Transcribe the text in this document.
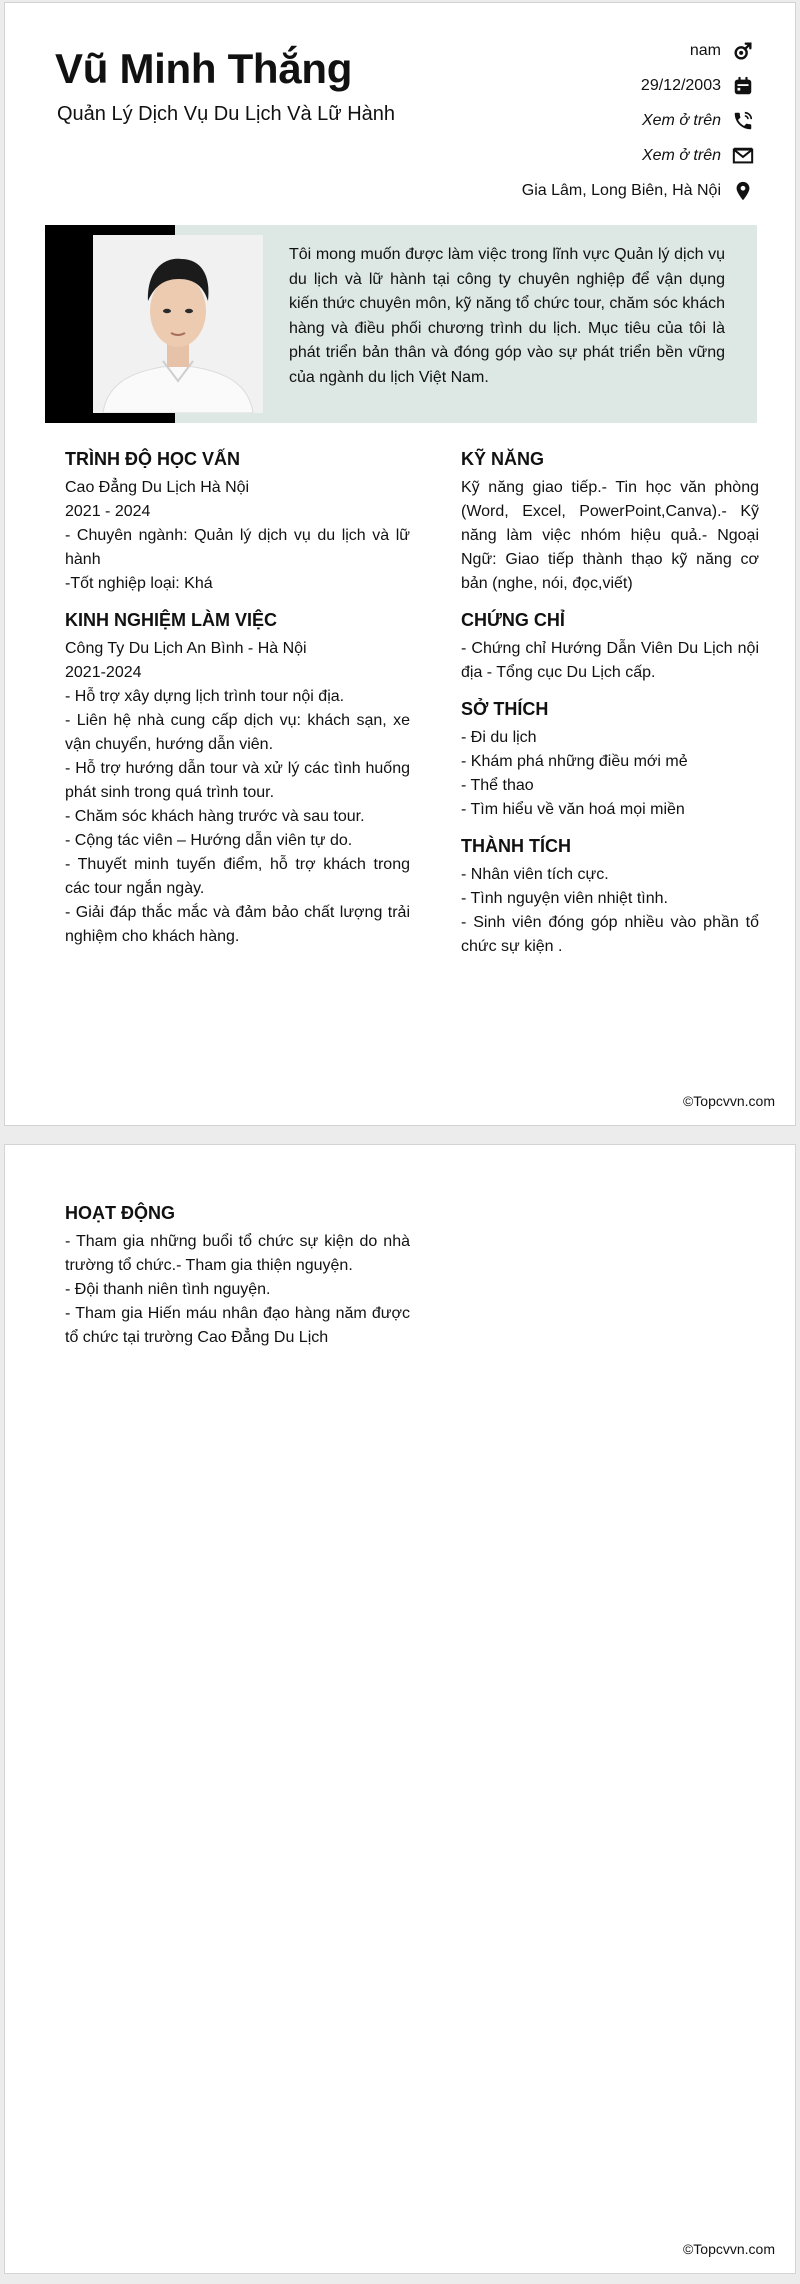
Vũ Minh Thắng
Quản Lý Dịch Vụ Du Lịch Và Lữ Hành
nam
29/12/2003
Xem ở trên
Xem ở trên
Gia Lâm, Long Biên, Hà Nội
Tôi mong muốn được làm việc trong lĩnh vực Quản lý dịch vụ du lịch và lữ hành tại công ty chuyên nghiệp để vận dụng kiến thức chuyên môn, kỹ năng tổ chức tour, chăm sóc khách hàng và điều phối chương trình du lịch. Mục tiêu của tôi là phát triển bản thân và đóng góp vào sự phát triển bền vững của ngành du lịch Việt Nam.
TRÌNH ĐỘ HỌC VẤN
Cao Đẳng Du Lịch Hà Nội
2021 - 2024
- Chuyên ngành: Quản lý dịch vụ du lịch và lữ hành
-Tốt nghiệp loại: Khá
KINH NGHIỆM LÀM VIỆC
Công Ty Du Lịch An Bình - Hà Nội
2021-2024
- Hỗ trợ xây dựng lịch trình tour nội địa.
- Liên hệ nhà cung cấp dịch vụ: khách sạn, xe vận chuyển, hướng dẫn viên.
- Hỗ trợ hướng dẫn tour và xử lý các tình huống phát sinh trong quá trình tour.
- Chăm sóc khách hàng trước và sau tour.
- Cộng tác viên – Hướng dẫn viên tự do.
- Thuyết minh tuyến điểm, hỗ trợ khách trong các tour ngắn ngày.
- Giải đáp thắc mắc và đảm bảo chất lượng trải nghiệm cho khách hàng.
KỸ NĂNG
Kỹ năng giao tiếp.- Tin học văn phòng (Word, Excel, PowerPoint,Canva).- Kỹ năng làm việc nhóm hiệu quả.- Ngoại Ngữ: Giao tiếp thành thạo kỹ năng cơ bản (nghe, nói, đọc,viết)
CHỨNG CHỈ
- Chứng chỉ Hướng Dẫn Viên Du Lịch nội địa - Tổng cục Du Lịch cấp.
SỞ THÍCH
- Đi du lịch
- Khám phá những điều mới mẻ
- Thể thao
- Tìm hiểu về văn hoá mọi miền
THÀNH TÍCH
- Nhân viên tích cực.
- Tình nguyện viên nhiệt tình.
- Sinh viên đóng góp nhiều vào phần tổ chức sự kiện .
©Topcvvn.com
HOẠT ĐỘNG
- Tham gia những buổi tổ chức sự kiện do nhà trường tổ chức.- Tham gia thiện nguyện.
- Đội thanh niên tình nguyện.
- Tham gia Hiến máu nhân đạo hàng năm được tổ chức tại trường Cao Đẳng Du Lịch
©Topcvvn.com
